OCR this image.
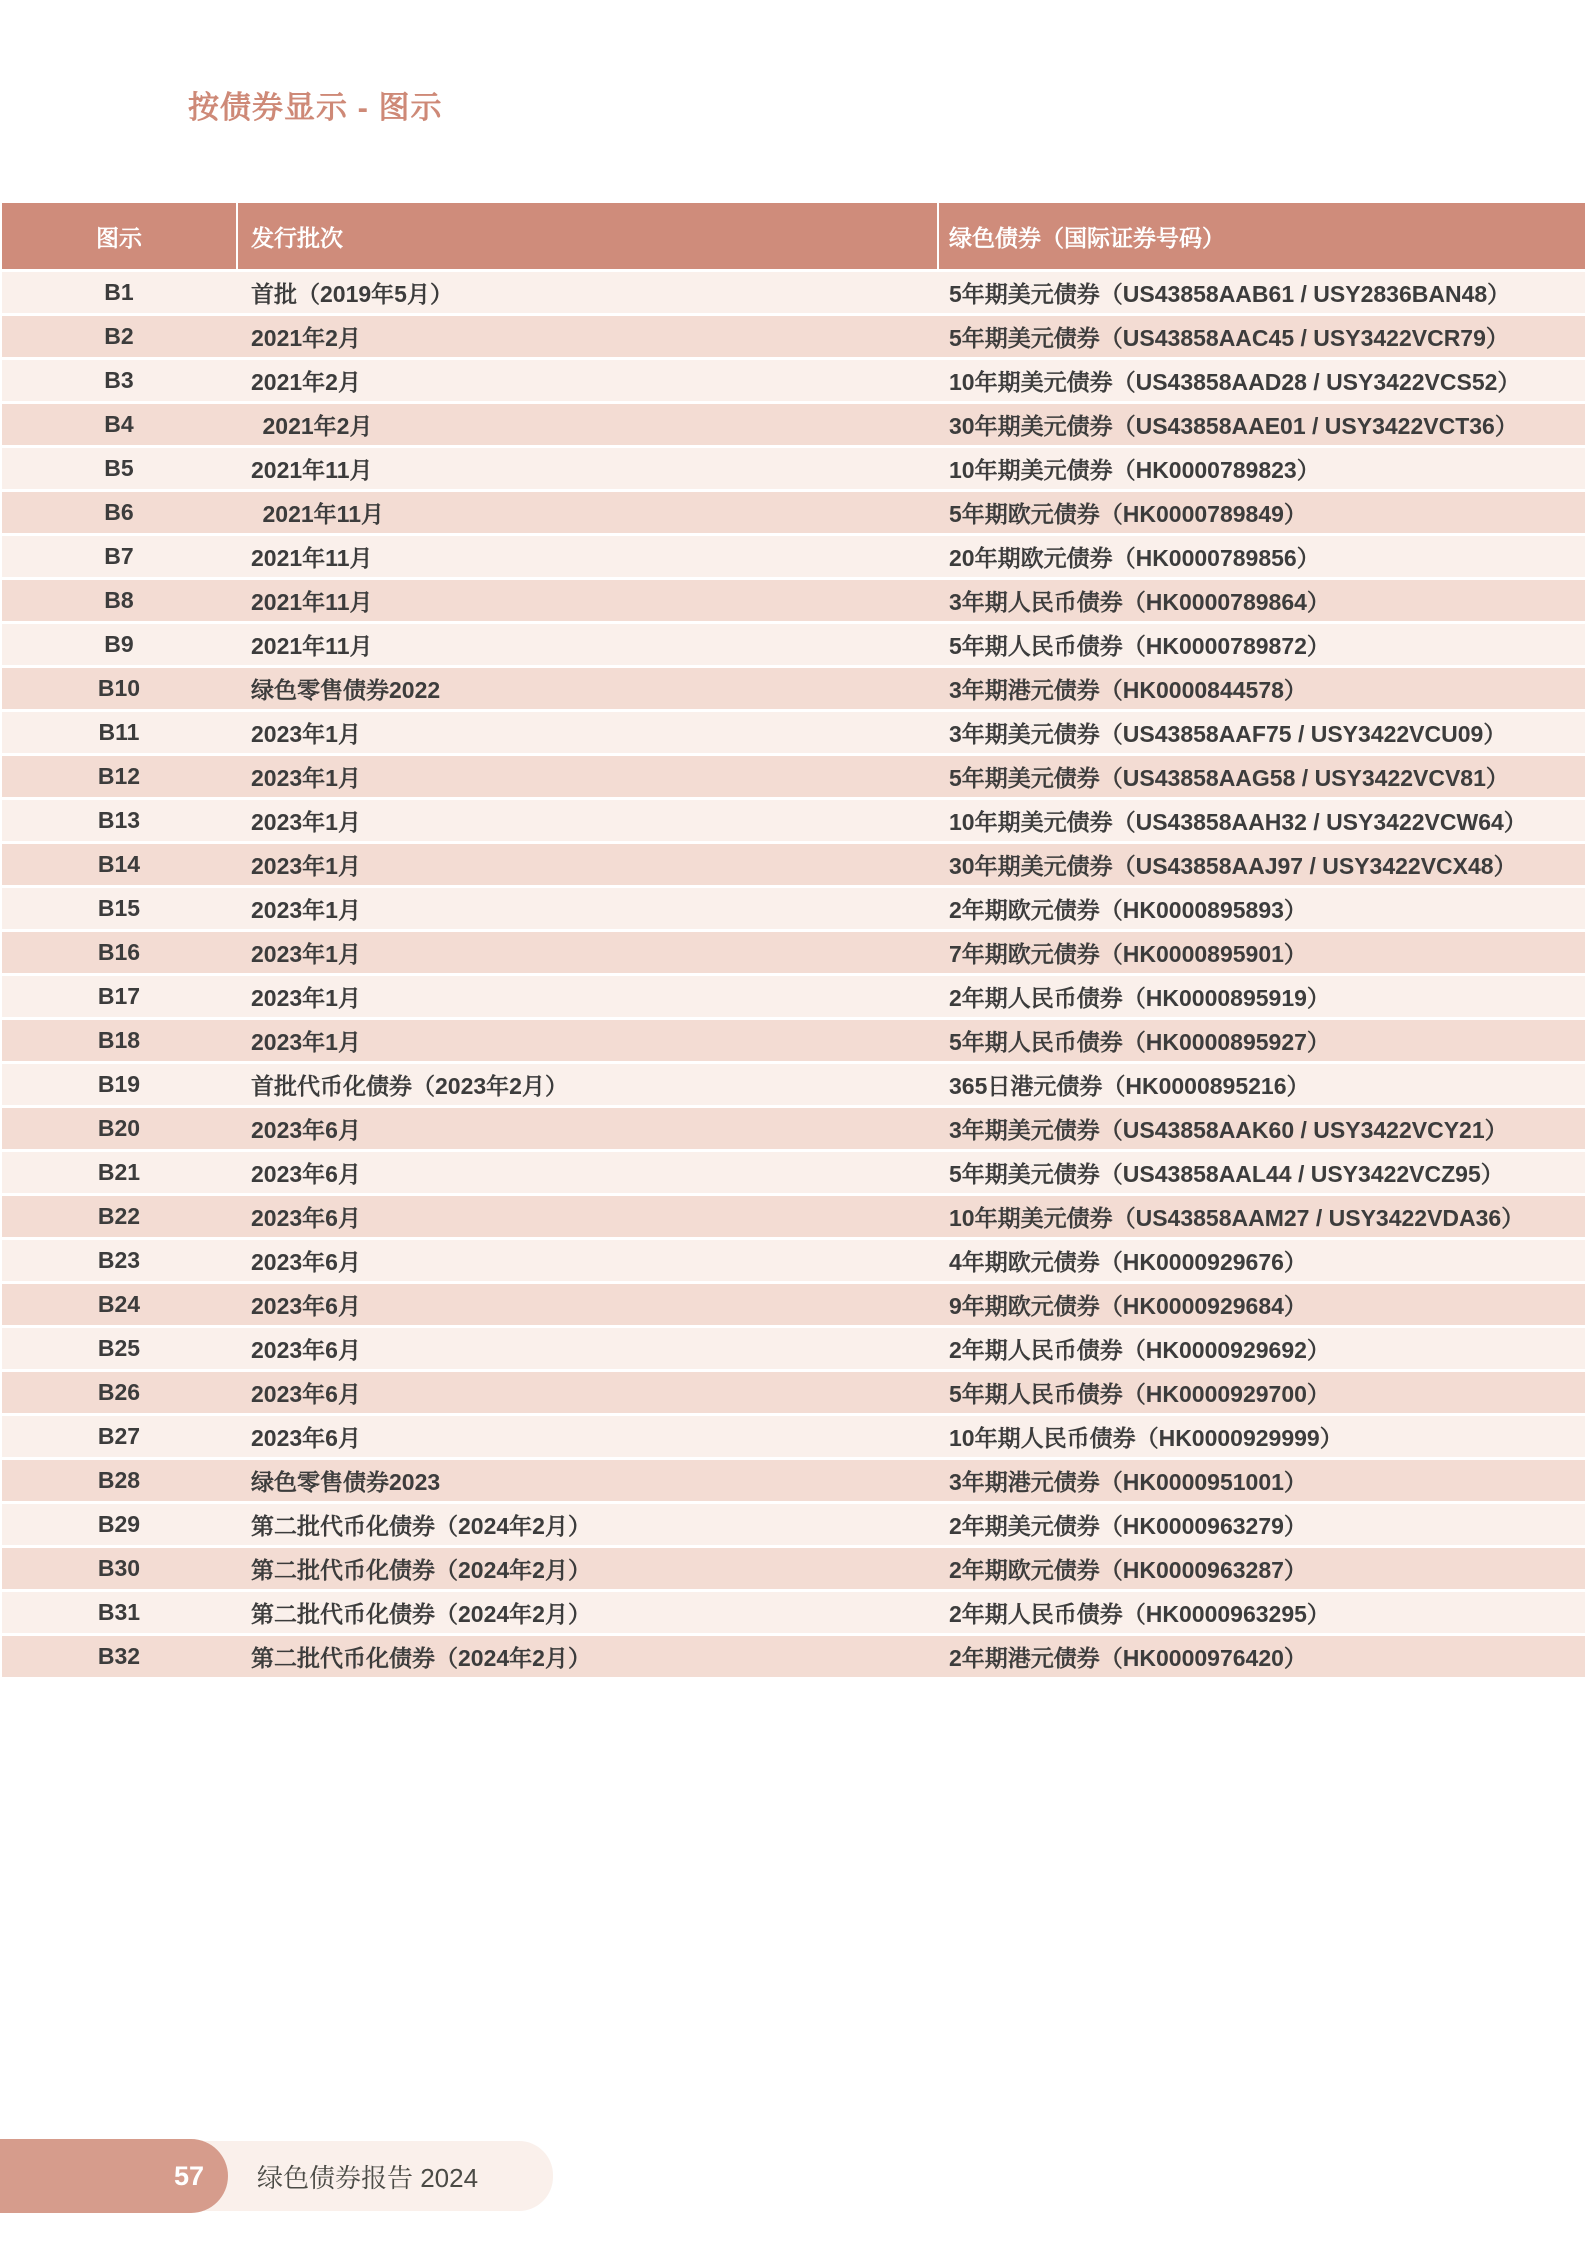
按债券显示 - 图示
图示	发行批次	绿色债券（国际证券号码）
B1	首批（2019年5月）	5年期美元债券（US43858AAB61 / USY2836BAN48）
B2	2021年2月	5年期美元债券（US43858AAC45 / USY3422VCR79）
B3	2021年2月	10年期美元债券（US43858AAD28 / USY3422VCS52）
B4	 2021年2月	30年期美元债券（US43858AAE01 / USY3422VCT36）
B5	2021年11月	10年期美元债券（HK0000789823）
B6	 2021年11月	5年期欧元债券（HK0000789849）
B7	2021年11月	20年期欧元债券（HK0000789856）
B8	2021年11月	3年期人民币债券（HK0000789864）
B9	2021年11月	5年期人民币债券（HK0000789872）
B10	绿色零售债券2022	3年期港元债券（HK0000844578）
B11	2023年1月	3年期美元债券（US43858AAF75 / USY3422VCU09）
B12	2023年1月	5年期美元债券（US43858AAG58 / USY3422VCV81）
B13	2023年1月	10年期美元债券（US43858AAH32 / USY3422VCW64）
B14	2023年1月	30年期美元债券（US43858AAJ97 / USY3422VCX48）
B15	2023年1月	2年期欧元债券（HK0000895893）
B16	2023年1月	7年期欧元债券（HK0000895901）
B17	2023年1月	2年期人民币债券（HK0000895919）
B18	2023年1月	5年期人民币债券（HK0000895927）
B19	首批代币化债券（2023年2月）	365日港元债券（HK0000895216）
B20	2023年6月	3年期美元债券（US43858AAK60 / USY3422VCY21）
B21	2023年6月	5年期美元债券（US43858AAL44 / USY3422VCZ95）
B22	2023年6月	10年期美元债券（US43858AAM27 / USY3422VDA36）
B23	2023年6月	4年期欧元债券（HK0000929676）
B24	2023年6月	9年期欧元债券（HK0000929684）
B25	2023年6月	2年期人民币债券（HK0000929692）
B26	2023年6月	5年期人民币债券（HK0000929700）
B27	2023年6月	10年期人民币债券（HK0000929999）
B28	绿色零售债券2023	3年期港元债券（HK0000951001）
B29	第二批代币化债券（2024年2月）	2年期美元债券（HK0000963279）
B30	第二批代币化债券（2024年2月）	2年期欧元债券（HK0000963287）
B31	第二批代币化债券（2024年2月）	2年期人民币债券（HK0000963295）
B32	第二批代币化债券（2024年2月）	2年期港元债券（HK0000976420）
57 绿色债券报告 2024
